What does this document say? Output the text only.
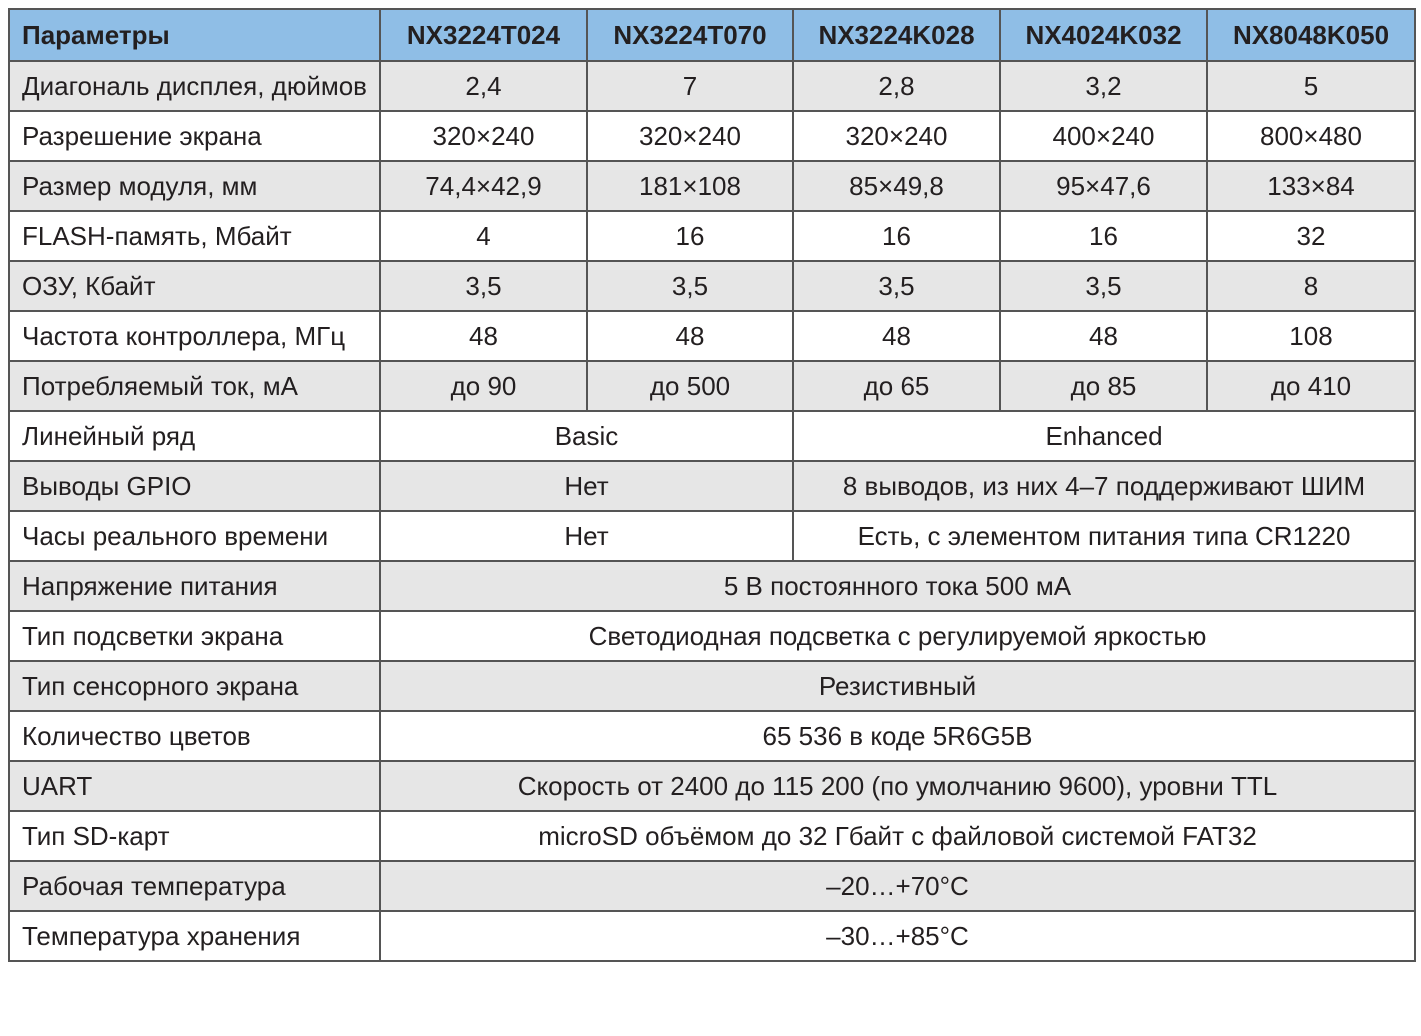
Параметры	NX3224T024	NX3224T070	NX3224K028	NX4024K032	NX8048K050
Диагональ дисплея, дюймов	2,4	7	2,8	3,2	5
Разрешение экрана	320×240	320×240	320×240	400×240	800×480
Размер модуля, мм	74,4×42,9	181×108	85×49,8	95×47,6	133×84
FLASH-память, Мбайт	4	16	16	16	32
ОЗУ, Кбайт	3,5	3,5	3,5	3,5	8
Частота контроллера, МГц	48	48	48	48	108
Потребляемый ток, мА	до 90	до 500	до 65	до 85	до 410
Линейный ряд	Basic		Enhanced		
Выводы GPIO	Нет		8 выводов, из них 4–7 поддерживают ШИМ		
Часы реального времени	Нет		Есть, с элементом питания типа CR1220		
Напряжение питания	5 В постоянного тока 500 мА				
Тип подсветки экрана	Светодиодная подсветка с регулируемой яркостью				
Тип сенсорного экрана	Резистивный				
Количество цветов	65 536 в коде 5R6G5B				
UART	Скорость от 2400 до 115 200 (по умолчанию 9600), уровни TTL				
Тип SD-карт	microSD объёмом до 32 Гбайт с файловой системой FAT32				
Рабочая температура	–20…+70°C				
Температура хранения	–30…+85°C				
